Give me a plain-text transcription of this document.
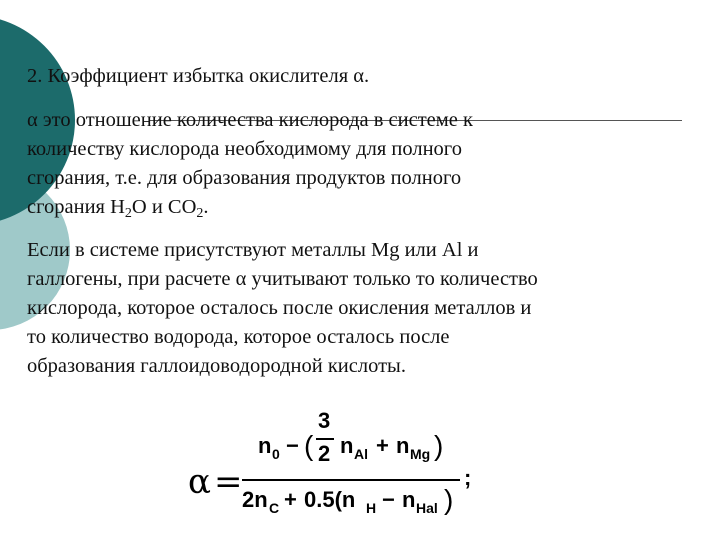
2. Коэффициент избытка окислителя α.
α это отношение количества кислорода в системе к
количеству кислорода необходимому для полного
сгорания, т.е. для образования продуктов полного
сгорания $H_2O$ и $CO_2$.
Если в системе присутствуют металлы Mg или Al и
галлогены, при расчете α учитывают только то количество
кислорода, которое осталось после окисления металлов и
то количество водорода, которое осталось после
образования галлоидоводородной кислоты.
α =
n 0 − (
3
2 n Al + n Mg )
2n C + 0.5(n H − n Hal )
;
